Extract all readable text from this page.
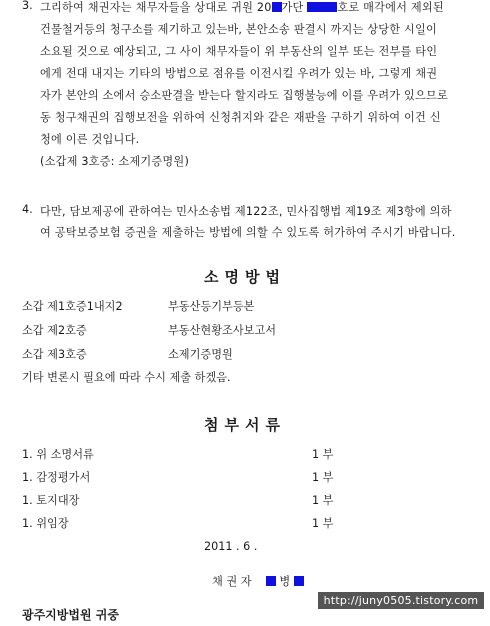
3. 그리하여 채권자는 채무자들을 상대로 귀원 20 가단	호로 매각에서 제외된
건물철거등의 청구소를 제기하고 있는바, 본안소송 판결시 까지는 상당한 시일이
소요될 것으로 예상되고, 그 사이 채무자들이 위 부동산의 일부 또는 전부를 타인
에게 전대 내지는 기타의 방법으로 점유를 이전시킬 우려가 있는 바, 그렇게 채권
자가 본안의 소에서 승소판결을 받는다 할지라도 집행불능에 이를 우려가 있으므로
동 청구채권의 집행보전을 위하여 신청취지와 같은 재판을 구하기 위하여 이건 신
청에 이른 것입니다.
(소갑제 3호증: 소제기증명원)
4. 다만, 담보제공에 관하여는 민사소송법 제122조, 민사집행법 제19조 제3항에 의하
여 공탁보증보험 증권을 제출하는 방법에 의할 수 있도록 허가하여 주시기 바랍니다.
소명방법
소갑 제1호증1내지2	부동산등기부등본
소갑 제2호증	부동산현황조사보고서
소갑 제3호증	소제기증명원
기타 변론시 필요에 따라 수시 제출 하겠음.
첨부서류
1. 위 소명서류	1 부
1. 감정평가서	1 부
1. 토지대장	1 부
1. 위임장	1 부
2011 . 6 .
채 권 자 병
광주지방법원 귀중
http://juny0505.tistory.com
